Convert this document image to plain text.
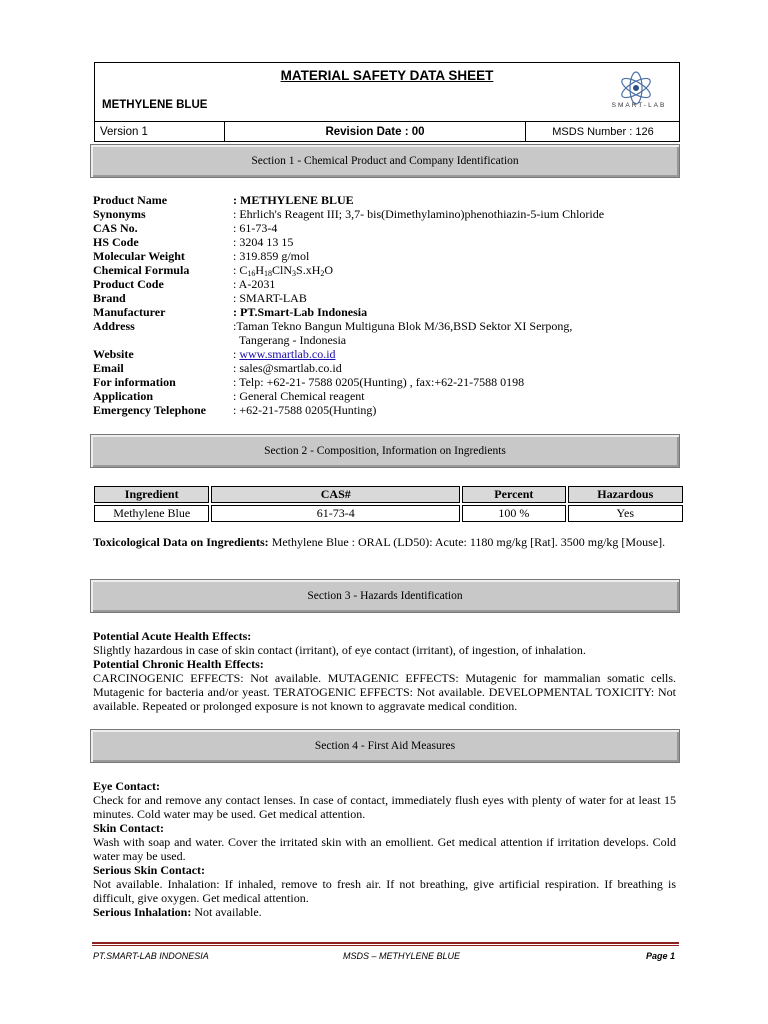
MATERIAL SAFETY DATA SHEET
METHYLENE BLUE	SMART-LAB
Version 1	Revision Date : 00	MSDS Number : 126
Section 1 - Chemical Product and Company Identification
Product Name	: METHYLENE BLUE
Synonyms	: Ehrlich's Reagent III; 3,7- bis(Dimethylamino)phenothiazin-5-ium Chloride
CAS No.	: 61-73-4
HS Code	: 3204 13 15
Molecular Weight	: 319.859 g/mol
Chemical Formula	: $C_{16}H_{18}ClN_3S.xH_2O$
Product Code	: A-2031
Brand	: SMART-LAB
Manufacturer	: PT.Smart-Lab Indonesia
Address	:Taman Tekno Bangun Multiguna Blok M/36,BSD Sektor XI Serpong,
Tangerang - Indonesia
Website	: www.smartlab.co.id
Email	: sales@smartlab.co.id
For information	: Telp: +62-21- 7588 0205(Hunting) , fax:+62-21-7588 0198
Application	: General Chemical reagent
Emergency Telephone	: +62-21-7588 0205(Hunting)
Section 2 - Composition, Information on Ingredients
Ingredient	CAS#	Percent	Hazardous
Methylene Blue	61-73-4	100 %	Yes
Toxicological Data on Ingredients: Methylene Blue : ORAL (LD50): Acute: 1180 mg/kg [Rat]. 3500 mg/kg [Mouse].
Section 3 - Hazards Identification
Potential Acute Health Effects:
Slightly hazardous in case of skin contact (irritant), of eye contact (irritant), of ingestion, of inhalation.
Potential Chronic Health Effects:
CARCINOGENIC EFFECTS: Not available. MUTAGENIC EFFECTS: Mutagenic for mammalian somatic cells. Mutagenic for bacteria and/or yeast. TERATOGENIC EFFECTS: Not available. DEVELOPMENTAL TOXICITY: Not available. Repeated or prolonged exposure is not known to aggravate medical condition.
Section 4 - First Aid Measures
Eye Contact:
Check for and remove any contact lenses. In case of contact, immediately flush eyes with plenty of water for at least 15 minutes. Cold water may be used. Get medical attention.
Skin Contact:
Wash with soap and water. Cover the irritated skin with an emollient. Get medical attention if irritation develops. Cold water may be used.
Serious Skin Contact:
Not available. Inhalation: If inhaled, remove to fresh air. If not breathing, give artificial respiration. If breathing is difficult, give oxygen. Get medical attention.
Serious Inhalation: Not available.
PT.SMART-LAB INDONESIA	MSDS – METHYLENE BLUE	Page 1
